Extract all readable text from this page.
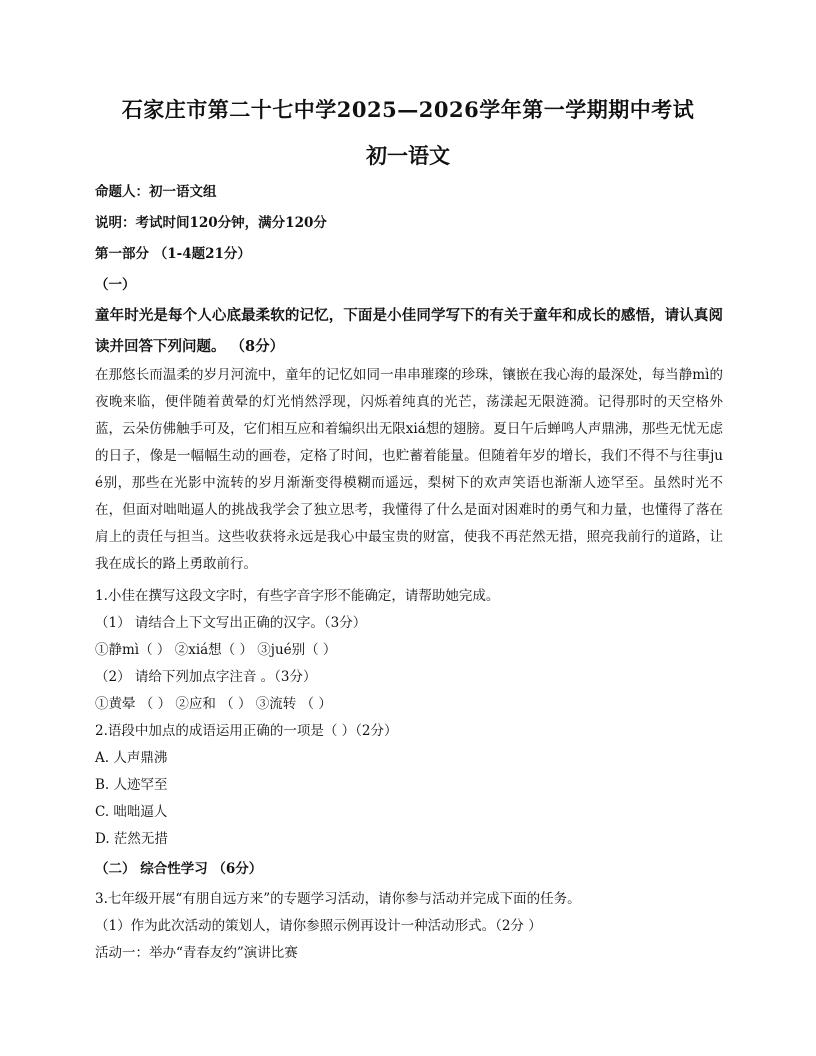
石家庄市第二十七中学2025—2026学年第一学期期中考试
初一语文
命题人：初一语文组
说明：考试时间120分钟，满分120分
第一部分 （1-4题21分）
（一）
童年时光是每个人心底最柔软的记忆，下面是小佳同学写下的有关于童年和成长的感悟，请认真阅读并回答下列问题。 （8分）
在那悠长而温柔的岁月河流中，童年的记忆如同一串串璀璨的珍珠，镶嵌在我心海的最深处，每当静mì的夜晚来临，便伴随着黄晕的灯光悄然浮现，闪烁着纯真的光芒，荡漾起无限涟漪。记得那时的天空格外蓝，云朵仿佛触手可及，它们相互应和着编织出无限xiá想的翅膀。夏日午后蝉鸣人声鼎沸，那些无忧无虑的日子，像是一幅幅生动的画卷，定格了时间，也贮蓄着能量。但随着年岁的增长，我们不得不与往事jué别，那些在光影中流转的岁月渐渐变得模糊而遥远，梨树下的欢声笑语也渐渐人迹罕至。虽然时光不在，但面对咄咄逼人的挑战我学会了独立思考，我懂得了什么是面对困难时的勇气和力量，也懂得了落在肩上的责任与担当。这些收获将永远是我心中最宝贵的财富，使我不再茫然无措，照亮我前行的道路，让我在成长的路上勇敢前行。
1.小佳在撰写这段文字时，有些字音字形不能确定，请帮助她完成。
（1） 请结合上下文写出正确的汉字。（3分）
①静mì（ ） ②xiá想（ ） ③jué别（ ）
（2） 请给下列加点字注音 。（3分）
①黄晕 （ ） ②应和 （ ） ③流转 （ ）
2.语段中加点的成语运用正确的一项是（ ）（2分）
A. 人声鼎沸
B. 人迹罕至
C. 咄咄逼人
D. 茫然无措
（二） 综合性学习 （6分）
3.七年级开展“有朋自远方来”的专题学习活动，请你参与活动并完成下面的任务。
（1）作为此次活动的策划人，请你参照示例再设计一种活动形式。（2分 ）
活动一：举办“青春友约”演讲比赛
